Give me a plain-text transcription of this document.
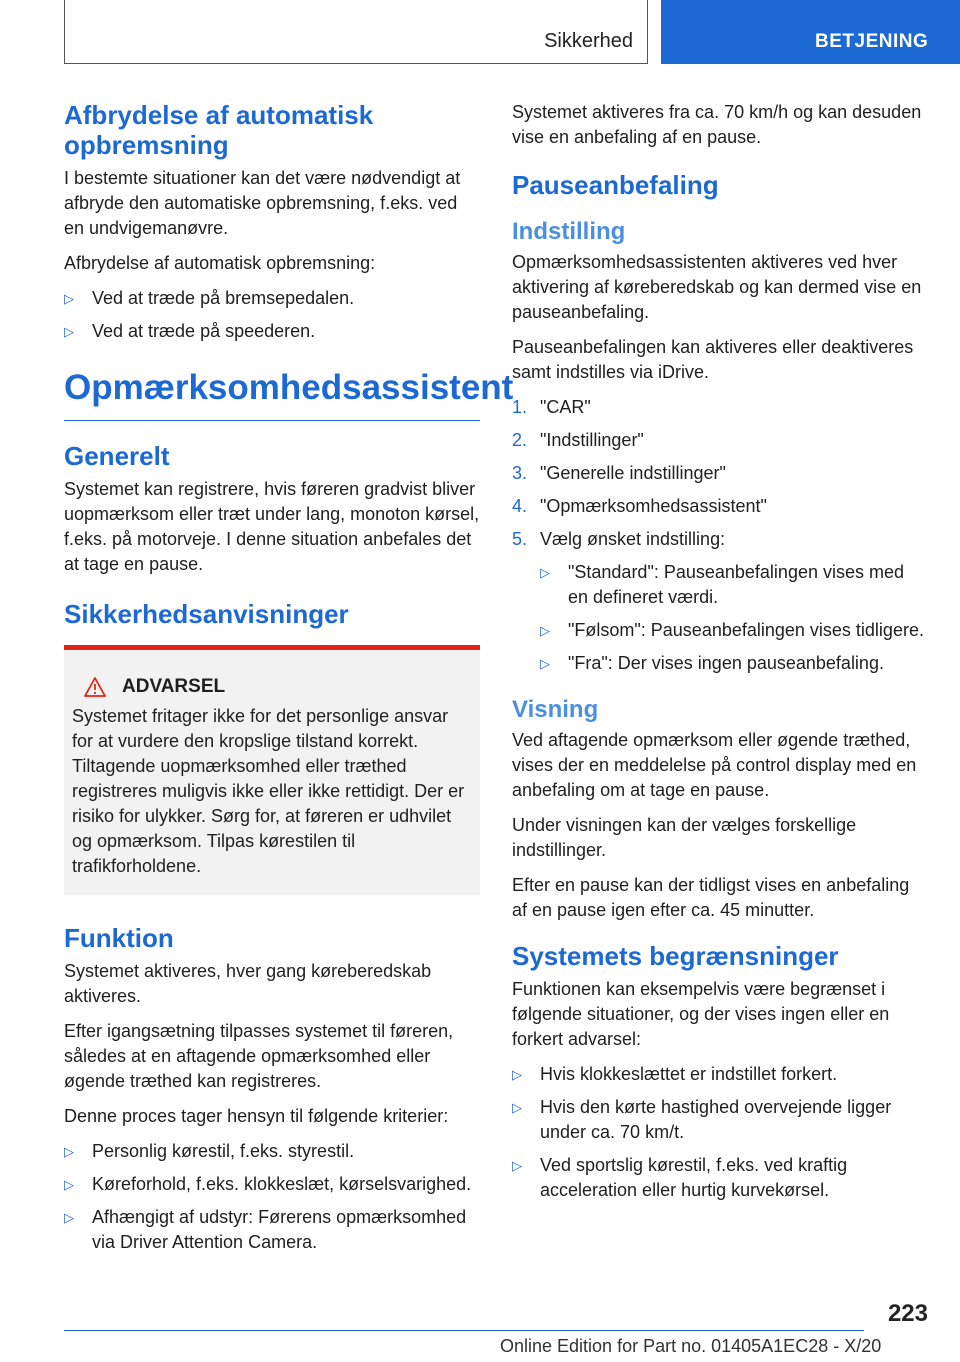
Sikkerhed	BETJENING
Afbrydelse af automatisk opbremsning

I bestemte situationer kan det være nødvendigt at afbryde den automatiske opbremsning, f.eks. ved en undvigemanøvre.

Afbrydelse af automatisk opbremsning:

▷ Ved at træde på bremsepedalen.
▷ Ved at træde på speederen.
Opmærksomhedsassistent
Generelt

Systemet kan registrere, hvis føreren gradvist bliver uopmærksom eller træt under lang, monoton kørsel, f.eks. på motorveje. I denne situation anbefales det at tage en pause.

Sikkerhedsanvisninger
ADVARSEL

Systemet fritager ikke for det personlige ansvar for at vurdere den kropslige tilstand korrekt. Tiltagende uopmærksomhed eller træthed registreres muligvis ikke eller ikke rettidigt. Der er risiko for ulykker. Sørg for, at føreren er udhvilet og opmærksom. Tilpas kørestilen til trafikforholdene.

Funktion

Systemet aktiveres, hver gang køreberedskab aktiveres.

Efter igangsætning tilpasses systemet til føreren, således at en aftagende opmærksomhed eller øgende træthed kan registreres.

Denne proces tager hensyn til følgende kriterier:

▷ Personlig kørestil, f.eks. styrestil.
▷ Køreforhold, f.eks. klokkeslæt, kørselsvarighed.
▷ Afhængigt af udstyr: Førerens opmærksomhed via Driver Attention Camera.

Systemet aktiveres fra ca. 70 km/h og kan desuden vise en anbefaling af en pause.

Pauseanbefaling
Indstilling

Opmærksomhedsassistenten aktiveres ved hver aktivering af køreberedskab og kan dermed vise en pauseanbefaling.

Pauseanbefalingen kan aktiveres eller deaktiveres samt indstilles via iDrive.

1. "CAR"
2. "Indstillinger"
3. "Generelle indstillinger"
4. "Opmærksomhedsassistent"
5. Vælg ønsket indstilling:
▷ "Standard": Pauseanbefalingen vises med en defineret værdi.
▷ "Følsom": Pauseanbefalingen vises tidligere.
▷ "Fra": Der vises ingen pauseanbefaling.
Visning

Ved aftagende opmærksom eller øgende træthed, vises der en meddelelse på control display med en anbefaling om at tage en pause.

Under visningen kan der vælges forskellige indstillinger.

Efter en pause kan der tidligst vises en anbefaling af en pause igen efter ca. 45 minutter.

Systemets begrænsninger

Funktionen kan eksempelvis være begrænset i følgende situationer, og der vises ingen eller en forkert advarsel:

▷ Hvis klokkeslættet er indstillet forkert.
▷ Hvis den kørte hastighed overvejende ligger under ca. 70 km/t.
▷ Ved sportslig kørestil, f.eks. ved kraftig acceleration eller hurtig kurvekørsel.
223
Online Edition for Part no. 01405A1EC28 - X/20
